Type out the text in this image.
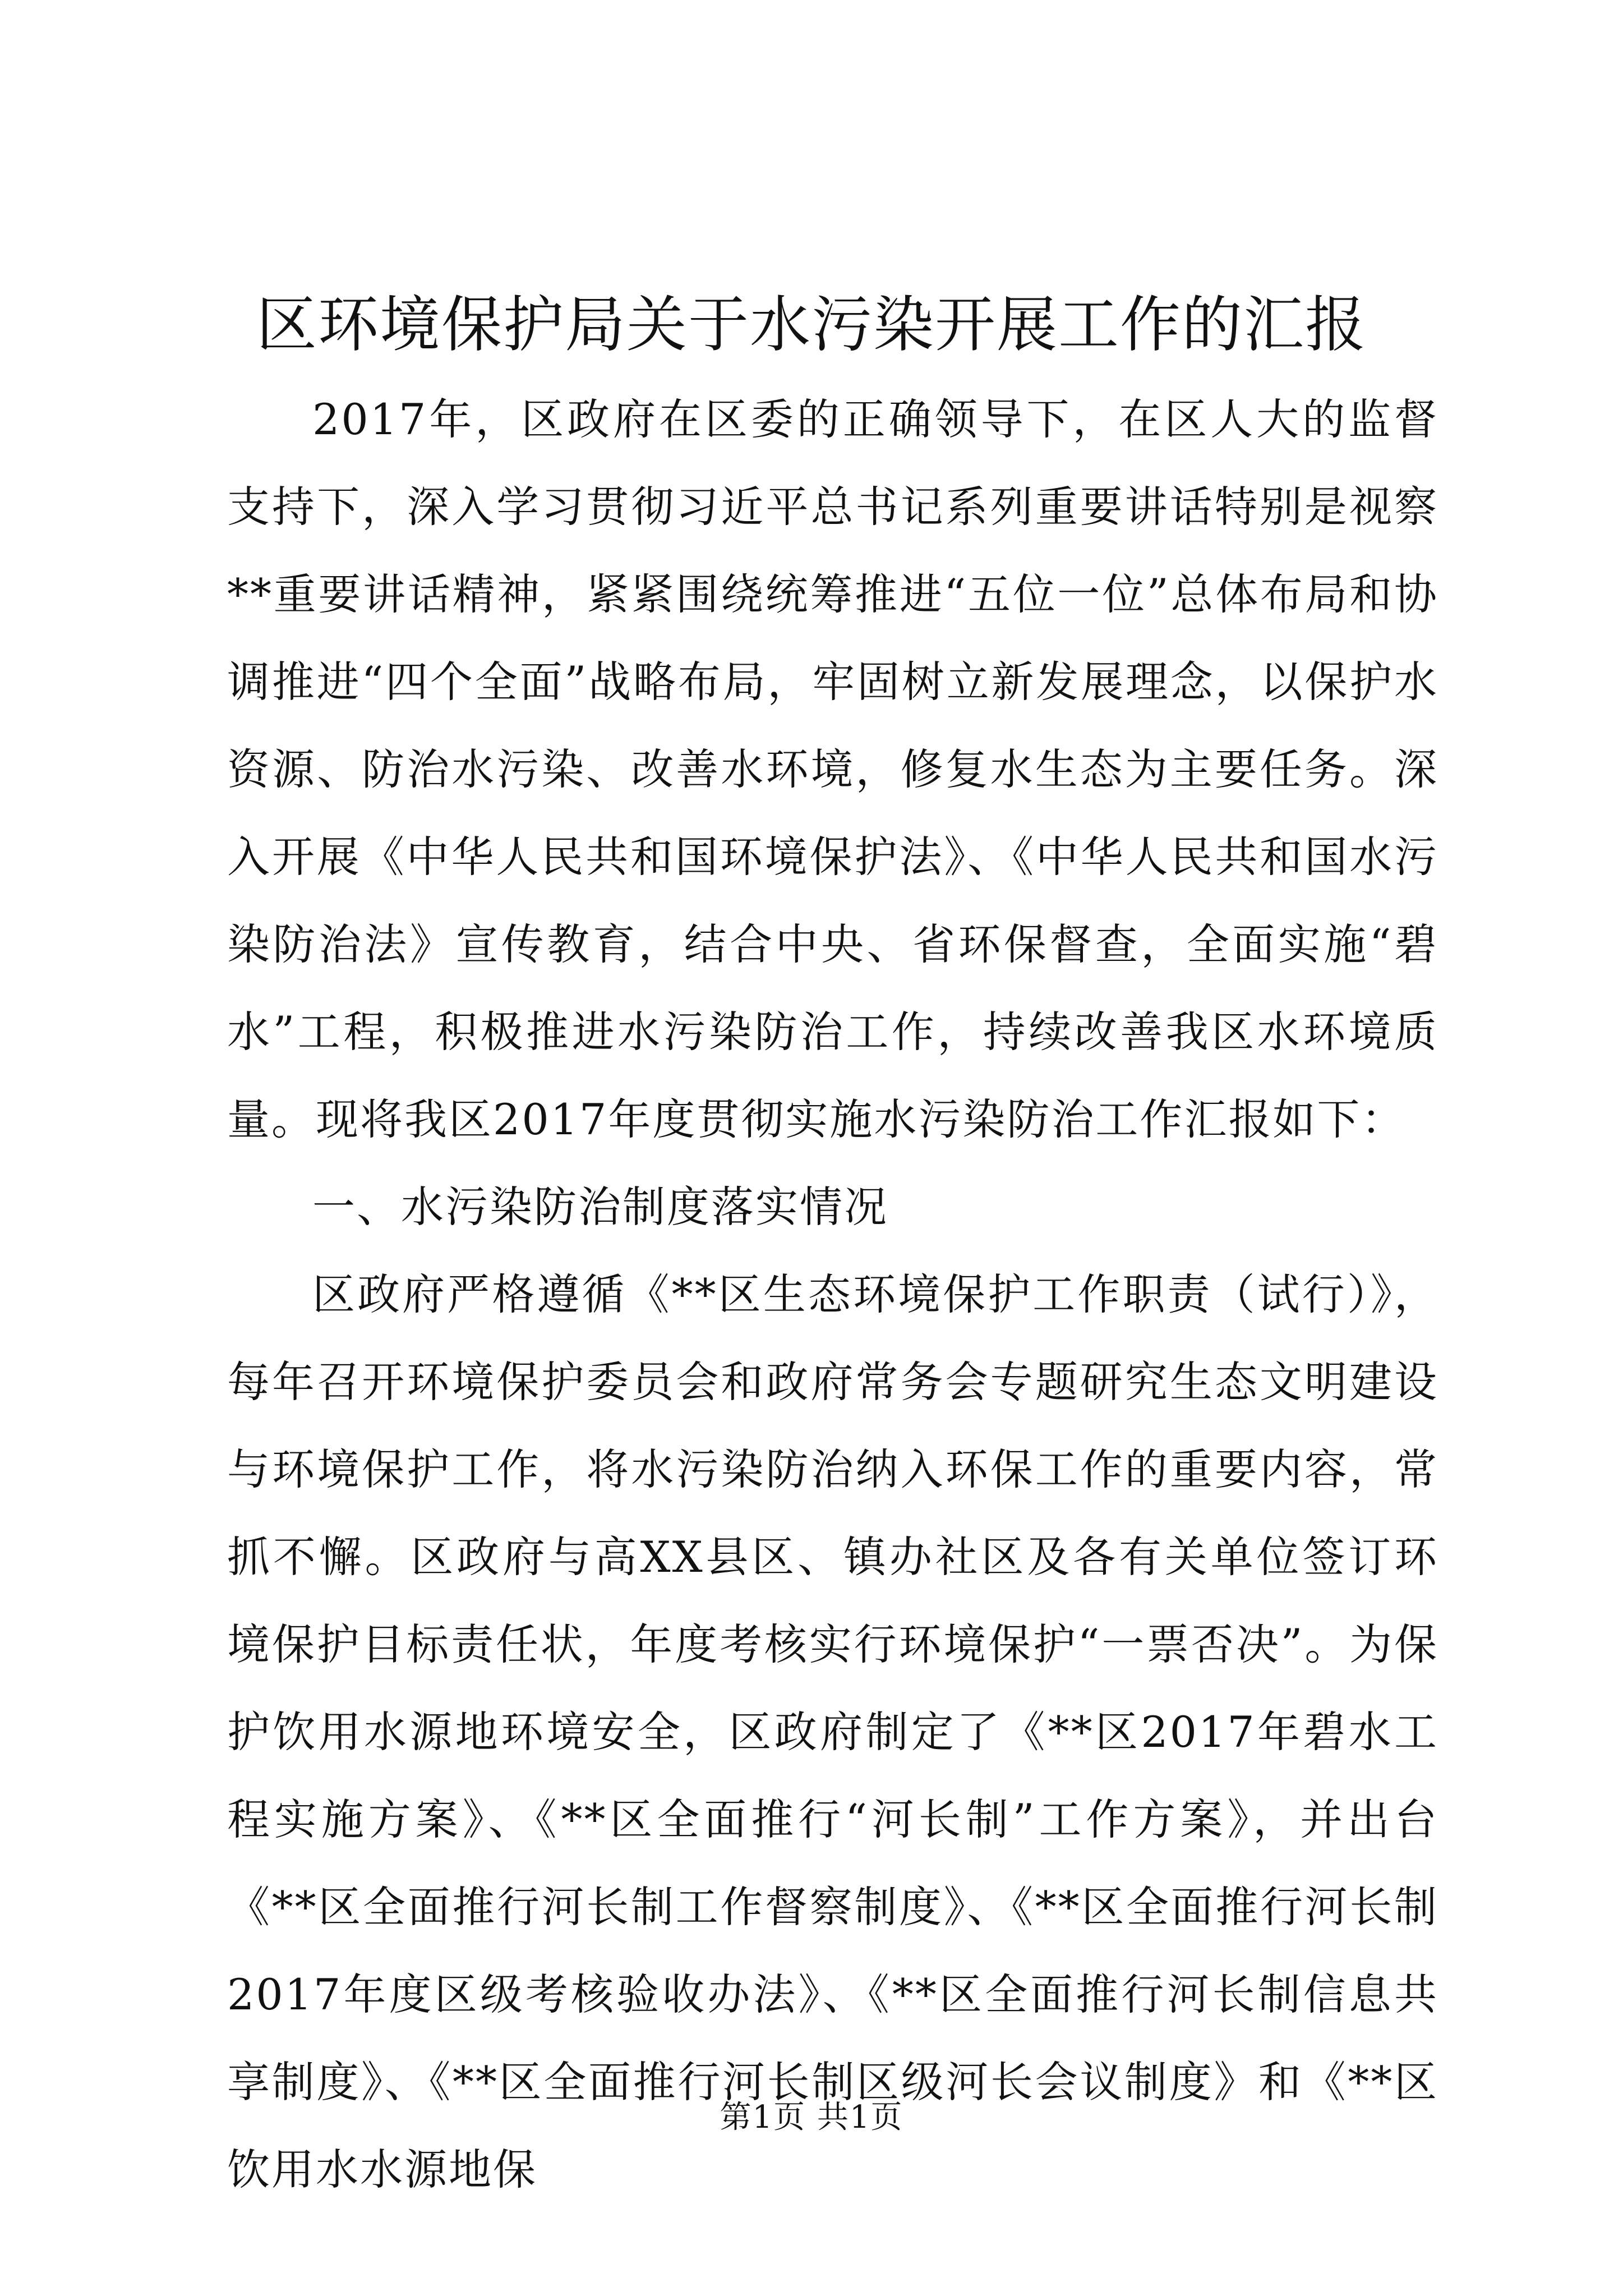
区环境保护局关于水污染开展工作的汇报

2017年，区政府在区委的正确领导下，在区人大的监督支持下，深入学习贯彻习近平总书记系列重要讲话特别是视察**重要讲话精神，紧紧围绕统筹推进“五位一位”总体布局和协调推进“四个全面”战略布局，牢固树立新发展理念，以保护水资源、防治水污染、改善水环境，修复水生态为主要任务。深入开展《中华人民共和国环境保护法》、《中华人民共和国水污染防治法》宣传教育，结合中央、省环保督查，全面实施“碧水”工程，积极推进水污染防治工作，持续改善我区水环境质量。现将我区2017年度贯彻实施水污染防治工作汇报如下：

一、水污染防治制度落实情况

区政府严格遵循《**区生态环境保护工作职责（试行）》，每年召开环境保护委员会和政府常务会专题研究生态文明建设与环境保护工作，将水污染防治纳入环保工作的重要内容，常抓不懈。区政府与高XX县区、镇办社区及各有关单位签订环境保护目标责任状，年度考核实行环境保护“一票否决”。为保护饮用水源地环境安全，区政府制定了《**区2017年碧水工程实施方案》、《**区全面推行“河长制”工作方案》，并出台《**区全面推行河长制工作督察制度》、《**区全面推行河长制2017年度区级考核验收办法》、《**区全面推行河长制信息共享制度》、《**区全面推行河长制区级河长会议制度》和《**区饮用水水源地保

第1页 共1页
